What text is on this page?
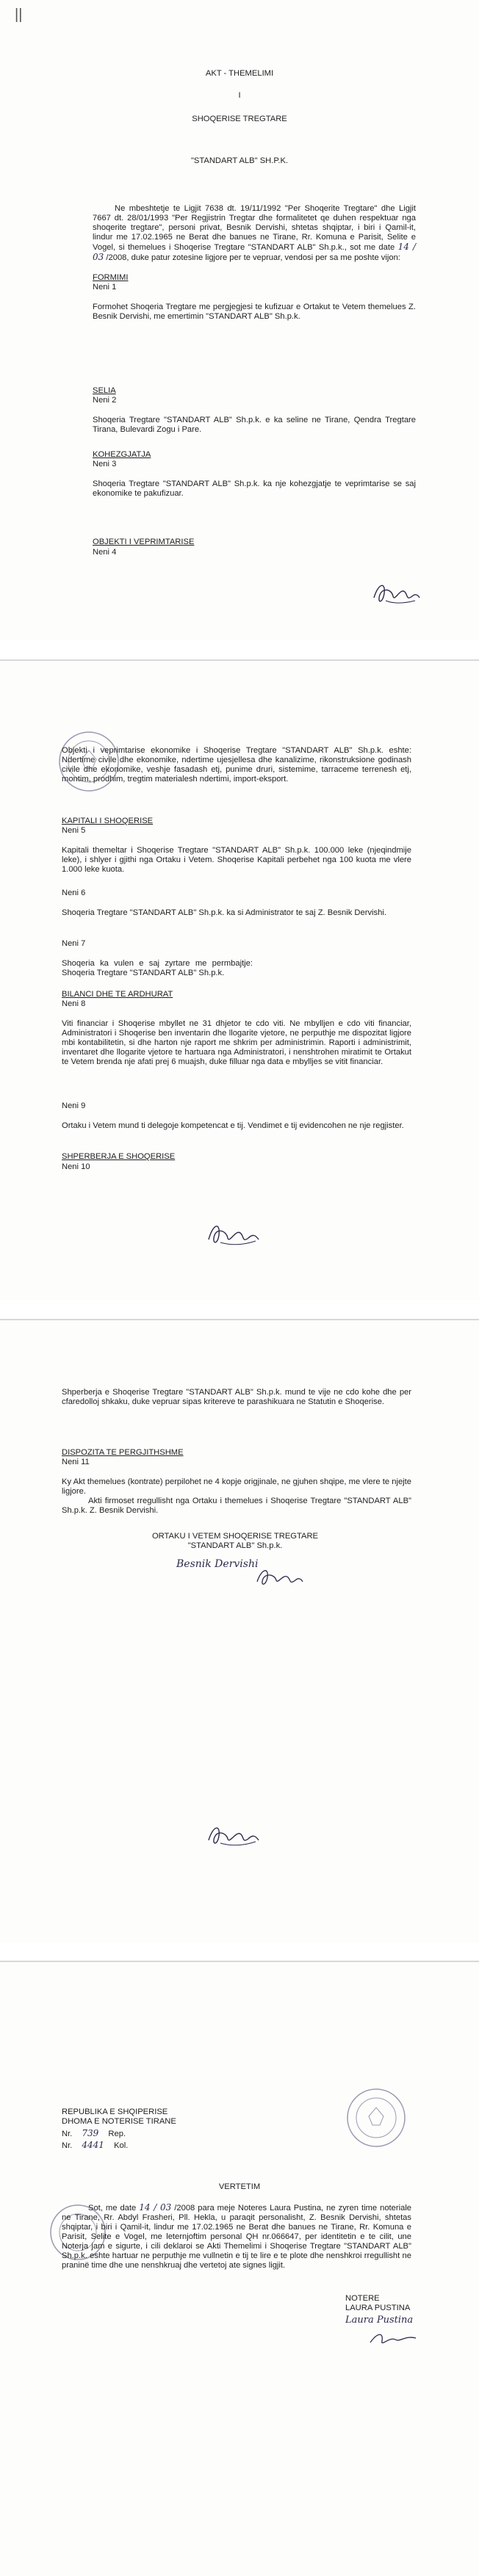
||
AKT - THEMELIMI
I
SHOQERISE TREGTARE
"STANDART ALB" SH.P.K.
Ne mbeshtetje te Ligjit 7638 dt. 19/11/1992 "Per Shoqerite Tregtare" dhe Ligjit 7667 dt. 28/01/1993 "Per Regjistrin Tregtar dhe formalitetet qe duhen respektuar nga shoqerite tregtare", personi privat, Besnik Dervishi, shtetas shqiptar, i biri i Qamil-it, lindur me 17.02.1965 ne Berat dhe banues ne Tirane, Rr. Komuna e Parisit, Selite e Vogel, si themelues i Shoqerise Tregtare "STANDART ALB" Sh.p.k., sot me date 14 / 03 /2008, duke patur zotesine ligjore per te vepruar, vendosi per sa me poshte vijon:
FORMIMI
Neni 1
Formohet Shoqeria Tregtare me pergjegjesi te kufizuar e Ortakut te Vetem themelues Z. Besnik Dervishi, me emertimin "STANDART ALB" Sh.p.k.
SELIA
Neni 2
Shoqeria Tregtare "STANDART ALB" Sh.p.k. e ka seline ne Tirane, Qendra Tregtare Tirana, Bulevardi Zogu i Pare.
KOHEZGJATJA
Neni 3
Shoqeria Tregtare "STANDART ALB" Sh.p.k. ka nje kohezgjatje te veprimtarise se saj ekonomike te pakufizuar.
OBJEKTI I VEPRIMTARISE
Neni 4
Objekti i veprimtarise ekonomike i Shoqerise Tregtare "STANDART ALB" Sh.p.k. eshte: Ndertime civile dhe ekonomike, ndertime ujesjellesa dhe kanalizime, rikonstruksione godinash civile dhe ekonomike, veshje fasadash etj, punime druri, sistemime, tarraceme terrenesh etj, montim, prodhim, tregtim materialesh ndertimi, import-eksport.
KAPITALI I SHOQERISE
Neni 5
Kapitali themeltar i Shoqerise Tregtare "STANDART ALB" Sh.p.k. 100.000 leke (njeqindmije leke), i shlyer i gjithi nga Ortaku i Vetem. Shoqerise Kapitali perbehet nga 100 kuota me vlere 1.000 leke kuota.
Neni 6
Shoqeria Tregtare "STANDART ALB" Sh.p.k. ka si Administrator te saj Z. Besnik Dervishi.
Neni 7
Shoqeria ka vulen e saj zyrtare me permbajtje: Shoqeria Tregtare "STANDART ALB" Sh.p.k.
BILANCI DHE TE ARDHURAT
Neni 8
Viti financiar i Shoqerise mbyllet ne 31 dhjetor te cdo viti. Ne mbylljen e cdo viti financiar, Administratori i Shoqerise ben inventarin dhe llogarite vjetore, ne perputhje me dispozitat ligjore mbi kontabilitetin, si dhe harton nje raport me shkrim per administrimin. Raporti i administrimit, inventaret dhe llogarite vjetore te hartuara nga Administratori, i nenshtrohen miratimit te Ortakut te Vetem brenda nje afati prej 6 muajsh, duke filluar nga data e mbylljes se vitit financiar.
Neni 9
Ortaku i Vetem mund ti delegoje kompetencat e tij. Vendimet e tij evidencohen ne nje regjister.
SHPERBERJA E SHOQERISE
Neni 10
Shperberja e Shoqerise Tregtare "STANDART ALB" Sh.p.k. mund te vije ne cdo kohe dhe per cfaredolloj shkaku, duke vepruar sipas kritereve te parashikuara ne Statutin e Shoqerise.
DISPOZITA TE PERGJITHSHME
Neni 11
Ky Akt themelues (kontrate) perpilohet ne 4 kopje origjinale, ne gjuhen shqipe, me vlere te njejte ligjore.
Akti firmoset rregullisht nga Ortaku i themelues i Shoqerise Tregtare "STANDART ALB" Sh.p.k. Z. Besnik Dervishi.
ORTAKU I VETEM SHOQERISE TREGTARE
"STANDART ALB" Sh.p.k.
Besnik Dervishi
REPUBLIKA E SHQIPERISE
DHOMA E NOTERISE TIRANE
Nr. 739 Rep.
Nr. 4441 Kol.
VERTETIM
Sot, me date 14 / 03 /2008 para meje Noteres Laura Pustina, ne zyren time noteriale ne Tirane, Rr. Abdyl Frasheri, Pll. Hekla, u paraqit personalisht, Z. Besnik Dervishi, shtetas shqiptar, i biri i Qamil-it, lindur me 17.02.1965 ne Berat dhe banues ne Tirane, Rr. Komuna e Parisit, Selite e Vogel, me leternjoftim personal QH nr.066647, per identitetin e te cilit, une Noterja jam e sigurte, i cili deklaroi se Akti Themelimi i Shoqerise Tregtare "STANDART ALB" Sh.p.k. eshte hartuar ne perputhje me vullnetin e tij te lire e te plote dhe nenshkroi rregullisht ne praninë time dhe une nenshkruaj dhe vertetoj ate signes ligjit.
NOTERE
LAURA PUSTINA
Laura Pustina
